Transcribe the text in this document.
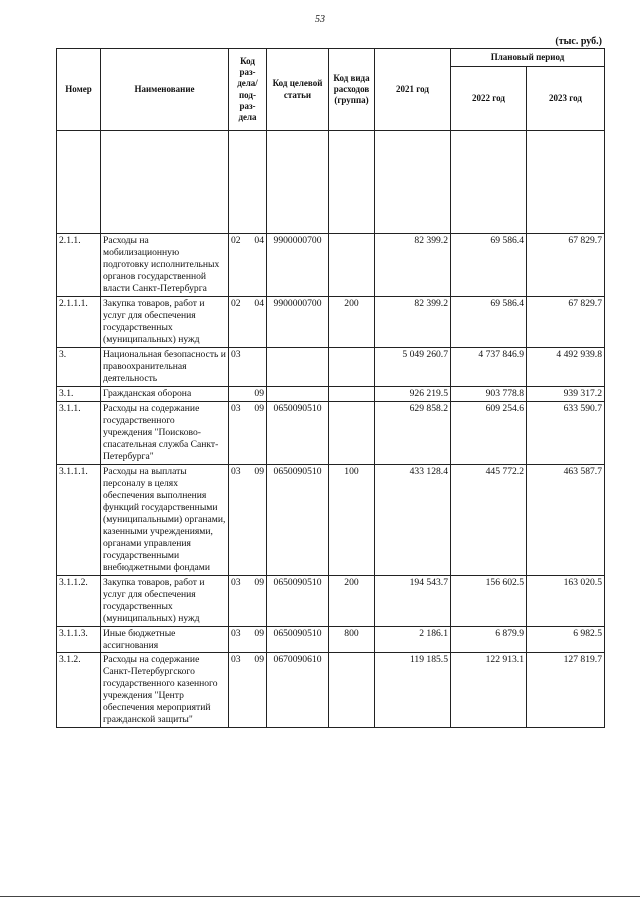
53
(тыс. руб.)
Номер	Наименование	Код раз-дела/ под-раз-дела	Код целевой статьи	Код вида расходов (группа)	2021 год	Плановый период	
						2022 год	2023 год

2.1.1.	Расходы на мобилизационную подготовку исполнительных органов государственной власти Санкт-Петербурга	02 04	9900000700		82 399.2	69 586.4	67 829.7
2.1.1.1.	Закупка товаров, работ и услуг для обеспечения государственных (муниципальных) нужд	02 04	9900000700	200	82 399.2	69 586.4	67 829.7
3.	Национальная безопасность и правоохранительная деятельность	03			5 049 260.7	4 737 846.9	4 492 939.8
3.1.	Гражданская оборона	09			926 219.5	903 778.8	939 317.2
3.1.1.	Расходы на содержание государственного учреждения "Поисково-спасательная служба Санкт-Петербурга"	03 09	0650090510		629 858.2	609 254.6	633 590.7
3.1.1.1.	Расходы на выплаты персоналу в целях обеспечения выполнения функций государственными (муниципальными) органами, казенными учреждениями, органами управления государственными внебюджетными фондами	03 09	0650090510	100	433 128.4	445 772.2	463 587.7
3.1.1.2.	Закупка товаров, работ и услуг для обеспечения государственных (муниципальных) нужд	03 09	0650090510	200	194 543.7	156 602.5	163 020.5
3.1.1.3.	Иные бюджетные ассигнования	03 09	0650090510	800	2 186.1	6 879.9	6 982.5
3.1.2.	Расходы на содержание Санкт-Петербургского государственного казенного учреждения "Центр обеспечения мероприятий гражданской защиты"	03 09	0670090610		119 185.5	122 913.1	127 819.7
